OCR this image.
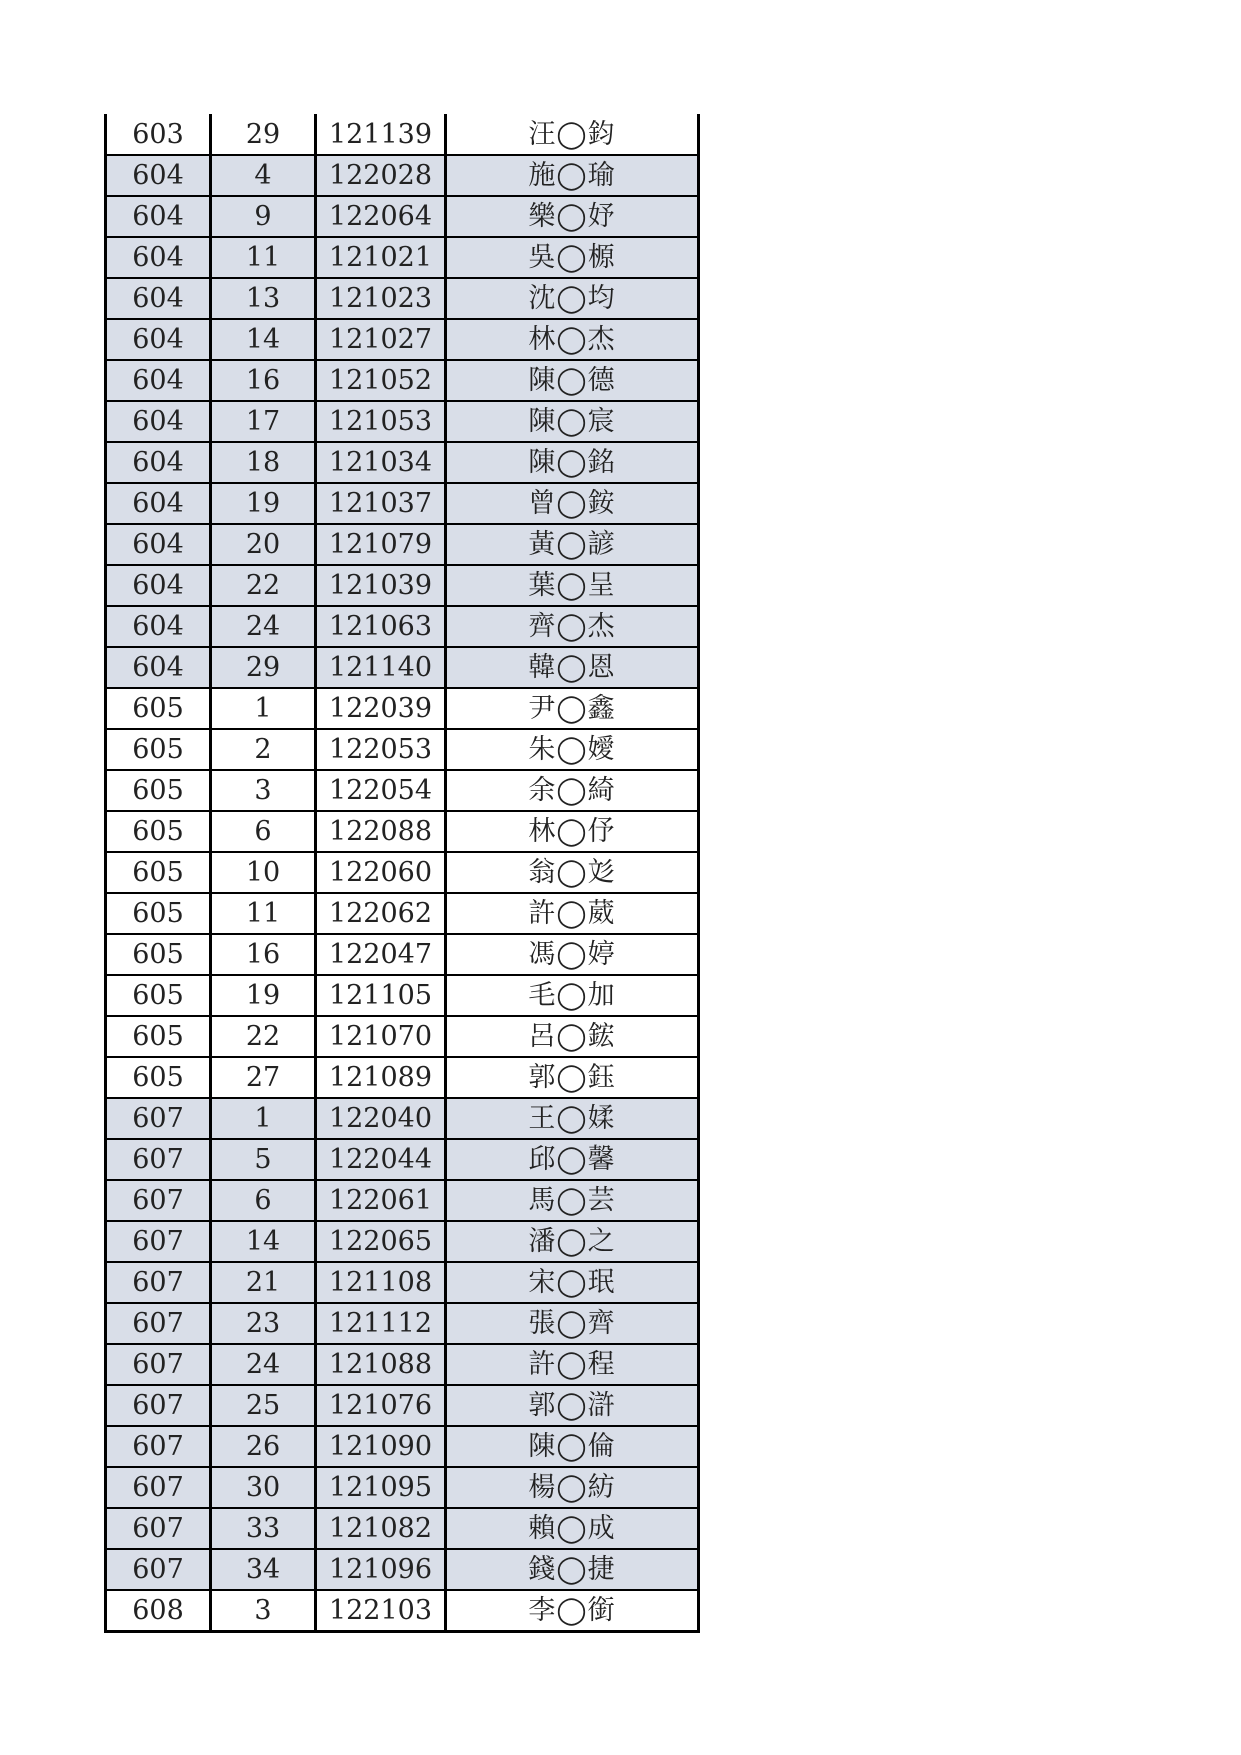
603	29	121139	汪◯鈞
604	4	122028	施◯瑜
604	9	122064	樂◯妤
604	11	121021	吳◯榞
604	13	121023	沈◯均
604	14	121027	林◯杰
604	16	121052	陳◯德
604	17	121053	陳◯宸
604	18	121034	陳◯銘
604	19	121037	曾◯銨
604	20	121079	黃◯諺
604	22	121039	葉◯呈
604	24	121063	齊◯杰
604	29	121140	韓◯恩
605	1	122039	尹◯鑫
605	2	122053	朱◯嬡
605	3	122054	余◯綺
605	6	122088	林◯伃
605	10	122060	翁◯彣
605	11	122062	許◯葳
605	16	122047	馮◯婷
605	19	121105	毛◯加
605	22	121070	呂◯鋐
605	27	121089	郭◯鈺
607	1	122040	王◯媃
607	5	122044	邱◯馨
607	6	122061	馬◯芸
607	14	122065	潘◯之
607	21	121108	宋◯珉
607	23	121112	張◯齊
607	24	121088	許◯程
607	25	121076	郭◯滸
607	26	121090	陳◯倫
607	30	121095	楊◯紡
607	33	121082	賴◯成
607	34	121096	錢◯捷
608	3	122103	李◯銜
